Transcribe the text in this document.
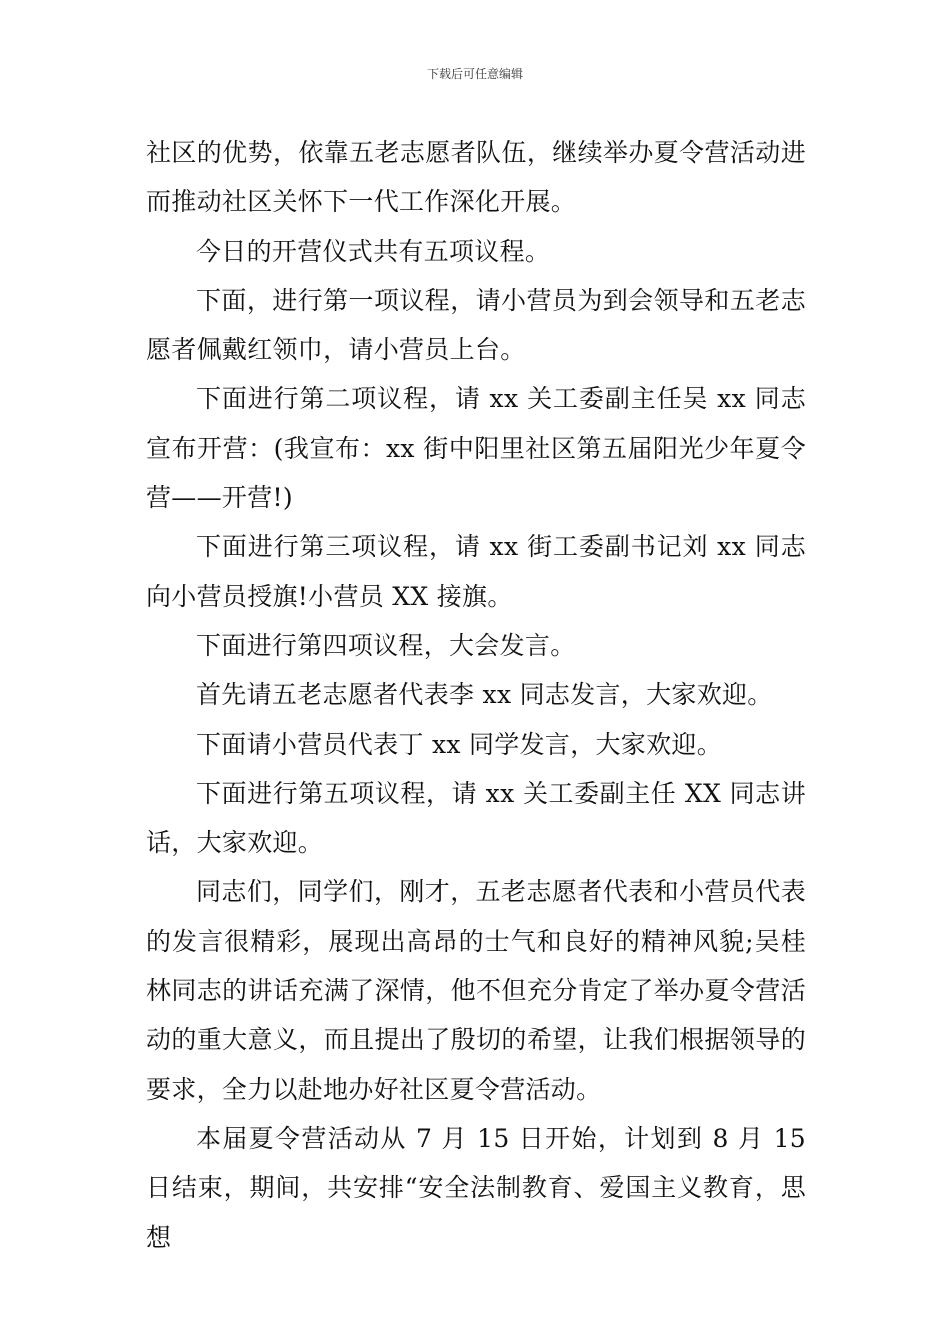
下载后可任意编辑

社区的优势，依靠五老志愿者队伍，继续举办夏令营活动进而推动社区关怀下一代工作深化开展。

今日的开营仪式共有五项议程。

下面，进行第一项议程，请小营员为到会领导和五老志愿者佩戴红领巾，请小营员上台。

下面进行第二项议程，请 xx 关工委副主任吴 xx 同志宣布开营：(我宣布：xx 街中阳里社区第五届阳光少年夏令营——开营!)

下面进行第三项议程，请 xx 街工委副书记刘 xx 同志向小营员授旗!小营员 XX 接旗。

下面进行第四项议程，大会发言。

首先请五老志愿者代表李 xx 同志发言，大家欢迎。

下面请小营员代表丁 xx 同学发言，大家欢迎。

下面进行第五项议程，请 xx 关工委副主任 XX 同志讲话，大家欢迎。

同志们，同学们，刚才，五老志愿者代表和小营员代表的发言很精彩，展现出高昂的士气和良好的精神风貌;吴桂林同志的讲话充满了深情，他不但充分肯定了举办夏令营活动的重大意义，而且提出了殷切的希望，让我们根据领导的要求，全力以赴地办好社区夏令营活动。

本届夏令营活动从 7 月 15 日开始，计划到 8 月 15 日结束，期间，共安排“安全法制教育、爱国主义教育，思想
